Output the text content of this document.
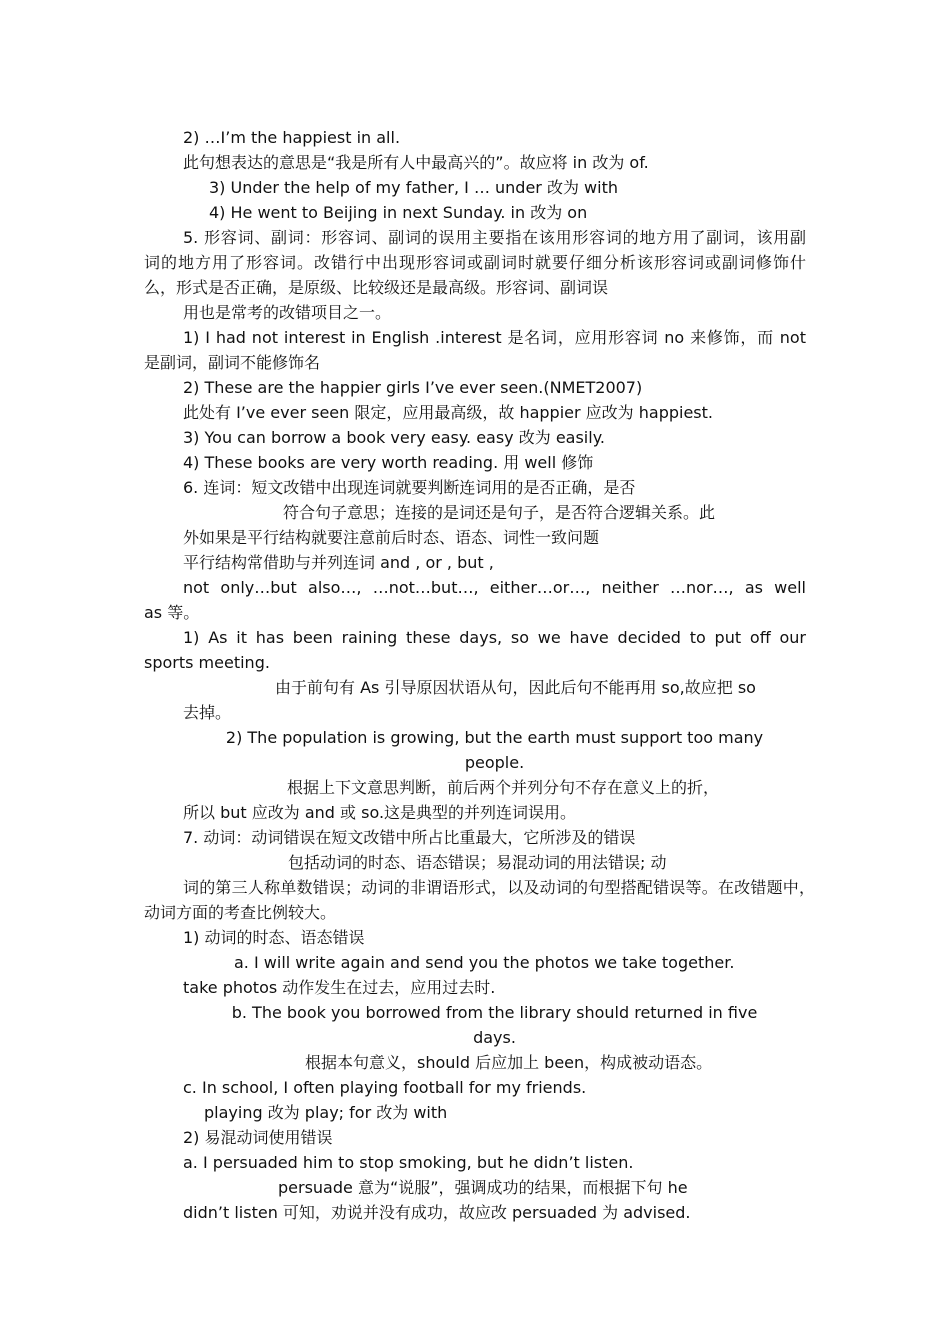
2) …I’m the happiest in all.
此句想表达的意思是“我是所有人中最高兴的”。故应将 in 改为 of.
3) Under the help of my father, I … under 改为 with
4) He went to Beijing in next Sunday. in 改为 on
5. 形容词、副词：形容词、副词的误用主要指在该用形容词的地方用了副词，该用副
词的地方用了形容词。改错行中出现形容词或副词时就要仔细分析该形容词或副词修饰什
么，形式是否正确，是原级、比较级还是最高级。形容词、副词误
用也是常考的改错项目之一。
1) I had not interest in English .interest 是名词，应用形容词 no 来修饰，而 not
是副词，副词不能修饰名
2) These are the happier girls I’ve ever seen.(NMET2007)
此处有 I’ve ever seen 限定，应用最高级，故 happier 应改为 happiest.
3) You can borrow a book very easy. easy 改为 easily.
4) These books are very worth reading. 用 well 修饰
6. 连词：短文改错中出现连词就要判断连词用的是否正确，是否
符合句子意思；连接的是词还是句子，是否符合逻辑关系。此
外如果是平行结构就要注意前后时态、语态、词性一致问题
平行结构常借助与并列连词 and , or , but ,
not only…but also…, …not…but…, either…or…, neither …nor…, as well
as 等。
1) As it has been raining these days, so we have decided to put off our
sports meeting.
由于前句有 As 引导原因状语从句，因此后句不能再用 so,故应把 so
去掉。
2) The population is growing, but the earth must support too many
people.
根据上下文意思判断，前后两个并列分句不存在意义上的折，
所以 but 应改为 and 或 so.这是典型的并列连词误用。
7. 动词：动词错误在短文改错中所占比重最大，它所涉及的错误
包括动词的时态、语态错误；易混动词的用法错误; 动
词的第三人称单数错误；动词的非谓语形式，以及动词的句型搭配错误等。在改错题中，
动词方面的考查比例较大。
1) 动词的时态、语态错误
a. I will write again and send you the photos we take together.
take photos 动作发生在过去，应用过去时.
b. The book you borrowed from the library should returned in five
days.
根据本句意义，should 后应加上 been，构成被动语态。
c. In school, I often playing football for my friends.
playing 改为 play; for 改为 with
2) 易混动词使用错误
a. I persuaded him to stop smoking, but he didn’t listen.
persuade 意为“说服”，强调成功的结果，而根据下句 he
didn’t listen 可知，劝说并没有成功，故应改 persuaded 为 advised.
